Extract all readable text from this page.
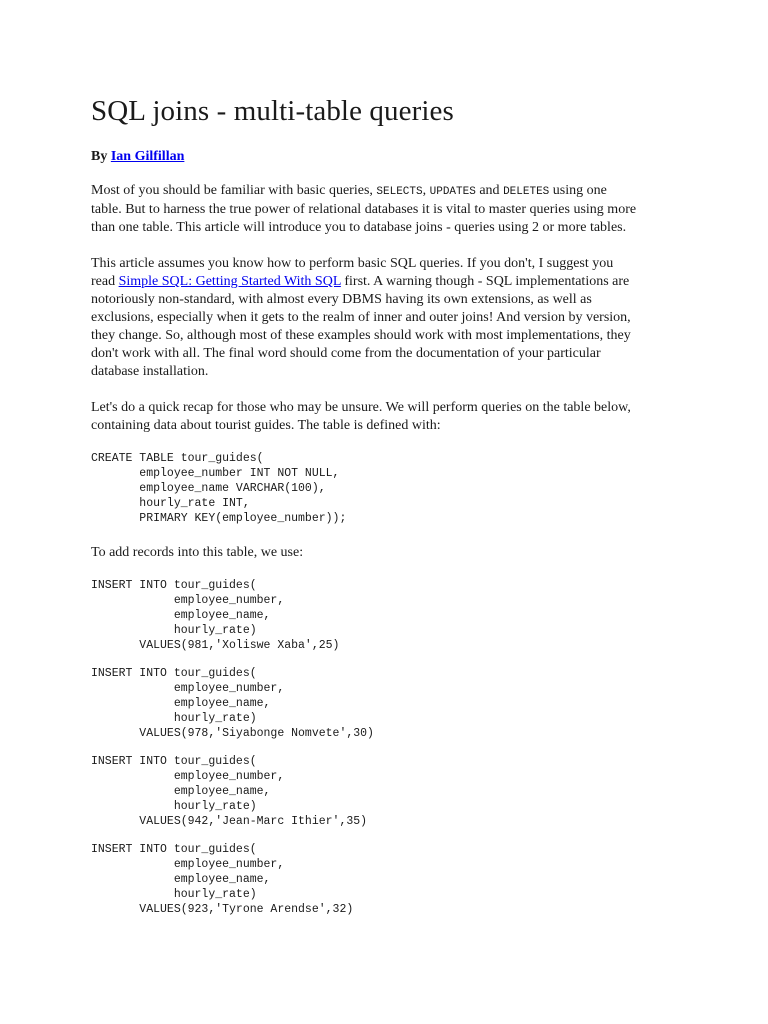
SQL joins - multi-table queries
By Ian Gilfillan

Most of you should be familiar with basic queries, SELECTS, UPDATES and DELETES using one
table. But to harness the true power of relational databases it is vital to master queries using more
than one table. This article will introduce you to database joins - queries using 2 or more tables.

This article assumes you know how to perform basic SQL queries. If you don't, I suggest you
read Simple SQL: Getting Started With SQL first. A warning though - SQL implementations are
notoriously non-standard, with almost every DBMS having its own extensions, as well as
exclusions, especially when it gets to the realm of inner and outer joins! And version by version,
they change. So, although most of these examples should work with most implementations, they
don't work with all. The final word should come from the documentation of your particular
database installation.

Let's do a quick recap for those who may be unsure. We will perform queries on the table below,
containing data about tourist guides. The table is defined with:

CREATE TABLE tour_guides(
employee_number INT NOT NULL,
employee_name VARCHAR(100),
hourly_rate INT,
PRIMARY KEY(employee_number));

To add records into this table, we use:

INSERT INTO tour_guides(
employee_number,
employee_name,
hourly_rate)
VALUES(981,'Xoliswe Xaba',25)
INSERT INTO tour_guides(
employee_number,
employee_name,
hourly_rate)
VALUES(978,'Siyabonge Nomvete',30)
INSERT INTO tour_guides(
employee_number,
employee_name,
hourly_rate)
VALUES(942,'Jean-Marc Ithier',35)
INSERT INTO tour_guides(
employee_number,
employee_name,
hourly_rate)
VALUES(923,'Tyrone Arendse',32)
